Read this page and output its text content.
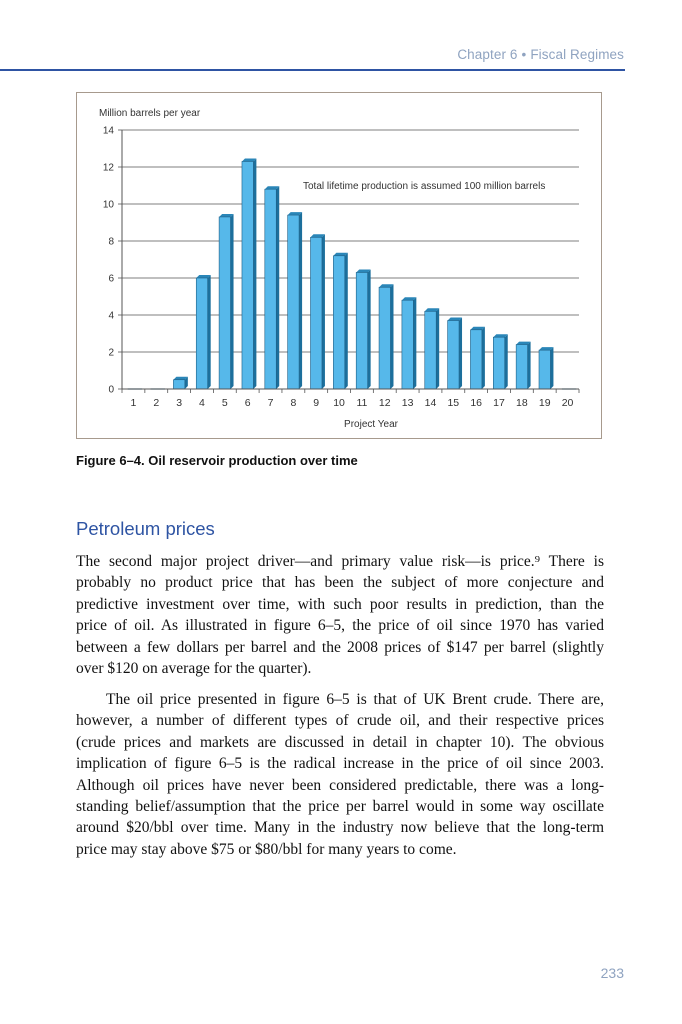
Chapter 6 • Fiscal Regimes
Million barrels per year
Total lifetime production is assumed 100 million barrels
0
2
4
6
8
10
12
14
1 2 3 4 5 6 7 8 9 10 11 12 13 14 15 16 17 18 19 20
Project Year
Figure 6–4. Oil reservoir production over time
Petroleum prices
The second major project driver—and primary value risk—is price.⁹ There is
probably no product price that has been the subject of more conjecture and
predictive investment over time, with such poor results in prediction, than the
price of oil. As illustrated in figure 6–5, the price of oil since 1970 has varied
between a few dollars per barrel and the 2008 prices of $147 per barrel (slightly
over $120 on average for the quarter).
The oil price presented in figure 6–5 is that of UK Brent crude. There are,
however, a number of different types of crude oil, and their respective prices
(crude prices and markets are discussed in detail in chapter 10). The obvious
implication of figure 6–5 is the radical increase in the price of oil since 2003.
Although oil prices have never been considered predictable, there was a long-
standing belief/assumption that the price per barrel would in some way oscillate
around $20/bbl over time. Many in the industry now believe that the long-term
price may stay above $75 or $80/bbl for many years to come.
233
